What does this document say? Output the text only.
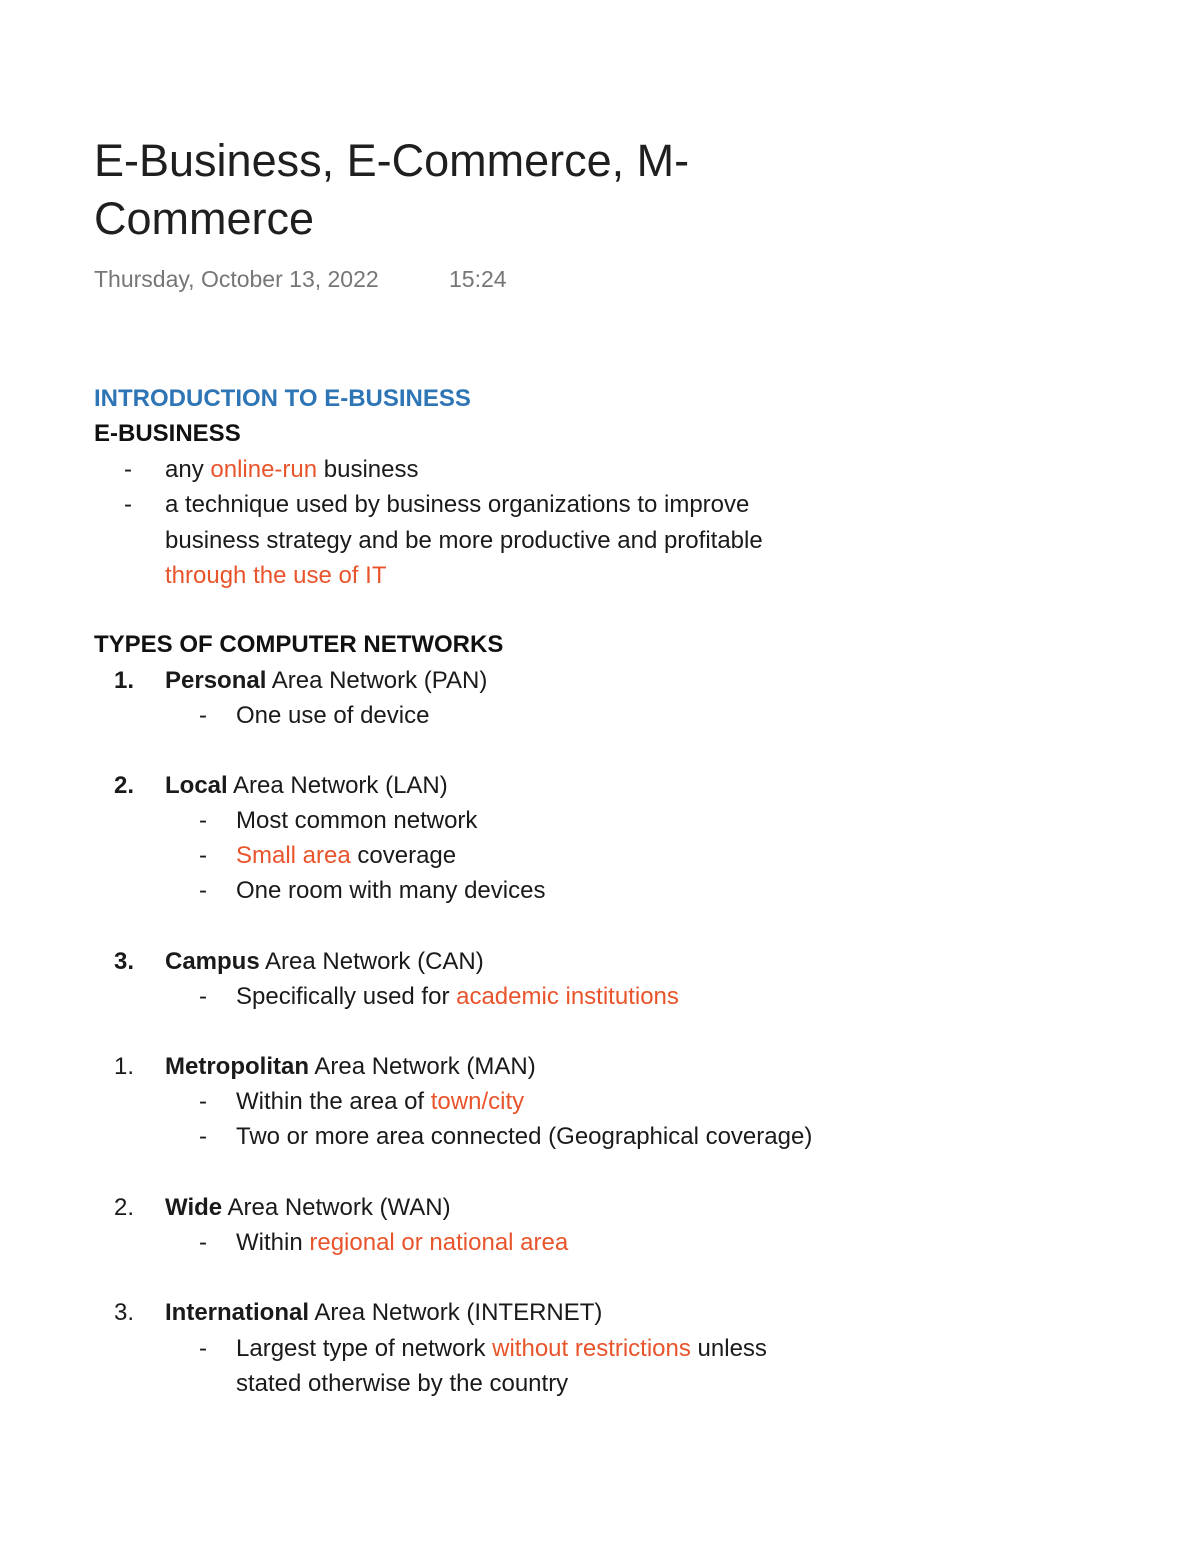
E-Business, E-Commerce, M-
Commerce
Thursday, October 13, 2022	15:24
INTRODUCTION TO E-BUSINESS
E-BUSINESS
- any online-run business
- a technique used by business organizations to improve
business strategy and be more productive and profitable
through the use of IT
TYPES OF COMPUTER NETWORKS
1. Personal Area Network (PAN)
- One use of device
2. Local Area Network (LAN)
- Most common network
- Small area coverage
- One room with many devices
3. Campus Area Network (CAN)
- Specifically used for academic institutions
1. Metropolitan Area Network (MAN)
- Within the area of town/city
- Two or more area connected (Geographical coverage)
2. Wide Area Network (WAN)
- Within regional or national area
3. International Area Network (INTERNET)
- Largest type of network without restrictions unless
stated otherwise by the country
